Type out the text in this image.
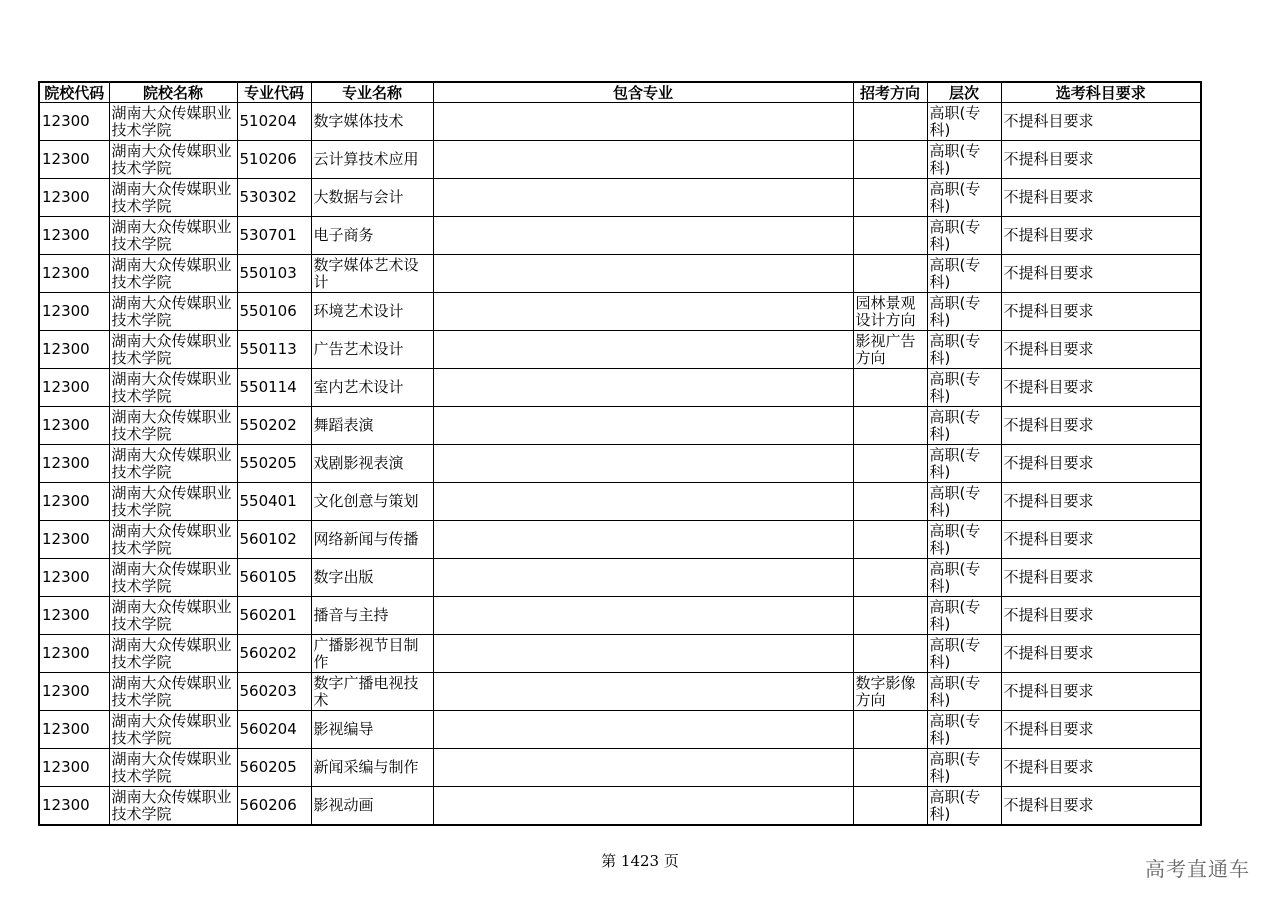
院校代码	院校名称	专业代码	专业名称	包含专业	招考方向	层次	选考科目要求
12300	湖南大众传媒职业技术学院	510204	数字媒体技术			高职(专科)	不提科目要求
12300	湖南大众传媒职业技术学院	510206	云计算技术应用			高职(专科)	不提科目要求
12300	湖南大众传媒职业技术学院	530302	大数据与会计			高职(专科)	不提科目要求
12300	湖南大众传媒职业技术学院	530701	电子商务			高职(专科)	不提科目要求
12300	湖南大众传媒职业技术学院	550103	数字媒体艺术设计			高职(专科)	不提科目要求
12300	湖南大众传媒职业技术学院	550106	环境艺术设计		园林景观设计方向	高职(专科)	不提科目要求
12300	湖南大众传媒职业技术学院	550113	广告艺术设计		影视广告方向	高职(专科)	不提科目要求
12300	湖南大众传媒职业技术学院	550114	室内艺术设计			高职(专科)	不提科目要求
12300	湖南大众传媒职业技术学院	550202	舞蹈表演			高职(专科)	不提科目要求
12300	湖南大众传媒职业技术学院	550205	戏剧影视表演			高职(专科)	不提科目要求
12300	湖南大众传媒职业技术学院	550401	文化创意与策划			高职(专科)	不提科目要求
12300	湖南大众传媒职业技术学院	560102	网络新闻与传播			高职(专科)	不提科目要求
12300	湖南大众传媒职业技术学院	560105	数字出版			高职(专科)	不提科目要求
12300	湖南大众传媒职业技术学院	560201	播音与主持			高职(专科)	不提科目要求
12300	湖南大众传媒职业技术学院	560202	广播影视节目制作			高职(专科)	不提科目要求
12300	湖南大众传媒职业技术学院	560203	数字广播电视技术		数字影像方向	高职(专科)	不提科目要求
12300	湖南大众传媒职业技术学院	560204	影视编导			高职(专科)	不提科目要求
12300	湖南大众传媒职业技术学院	560205	新闻采编与制作			高职(专科)	不提科目要求
12300	湖南大众传媒职业技术学院	560206	影视动画			高职(专科)	不提科目要求
第 1423 页	高考直通车
